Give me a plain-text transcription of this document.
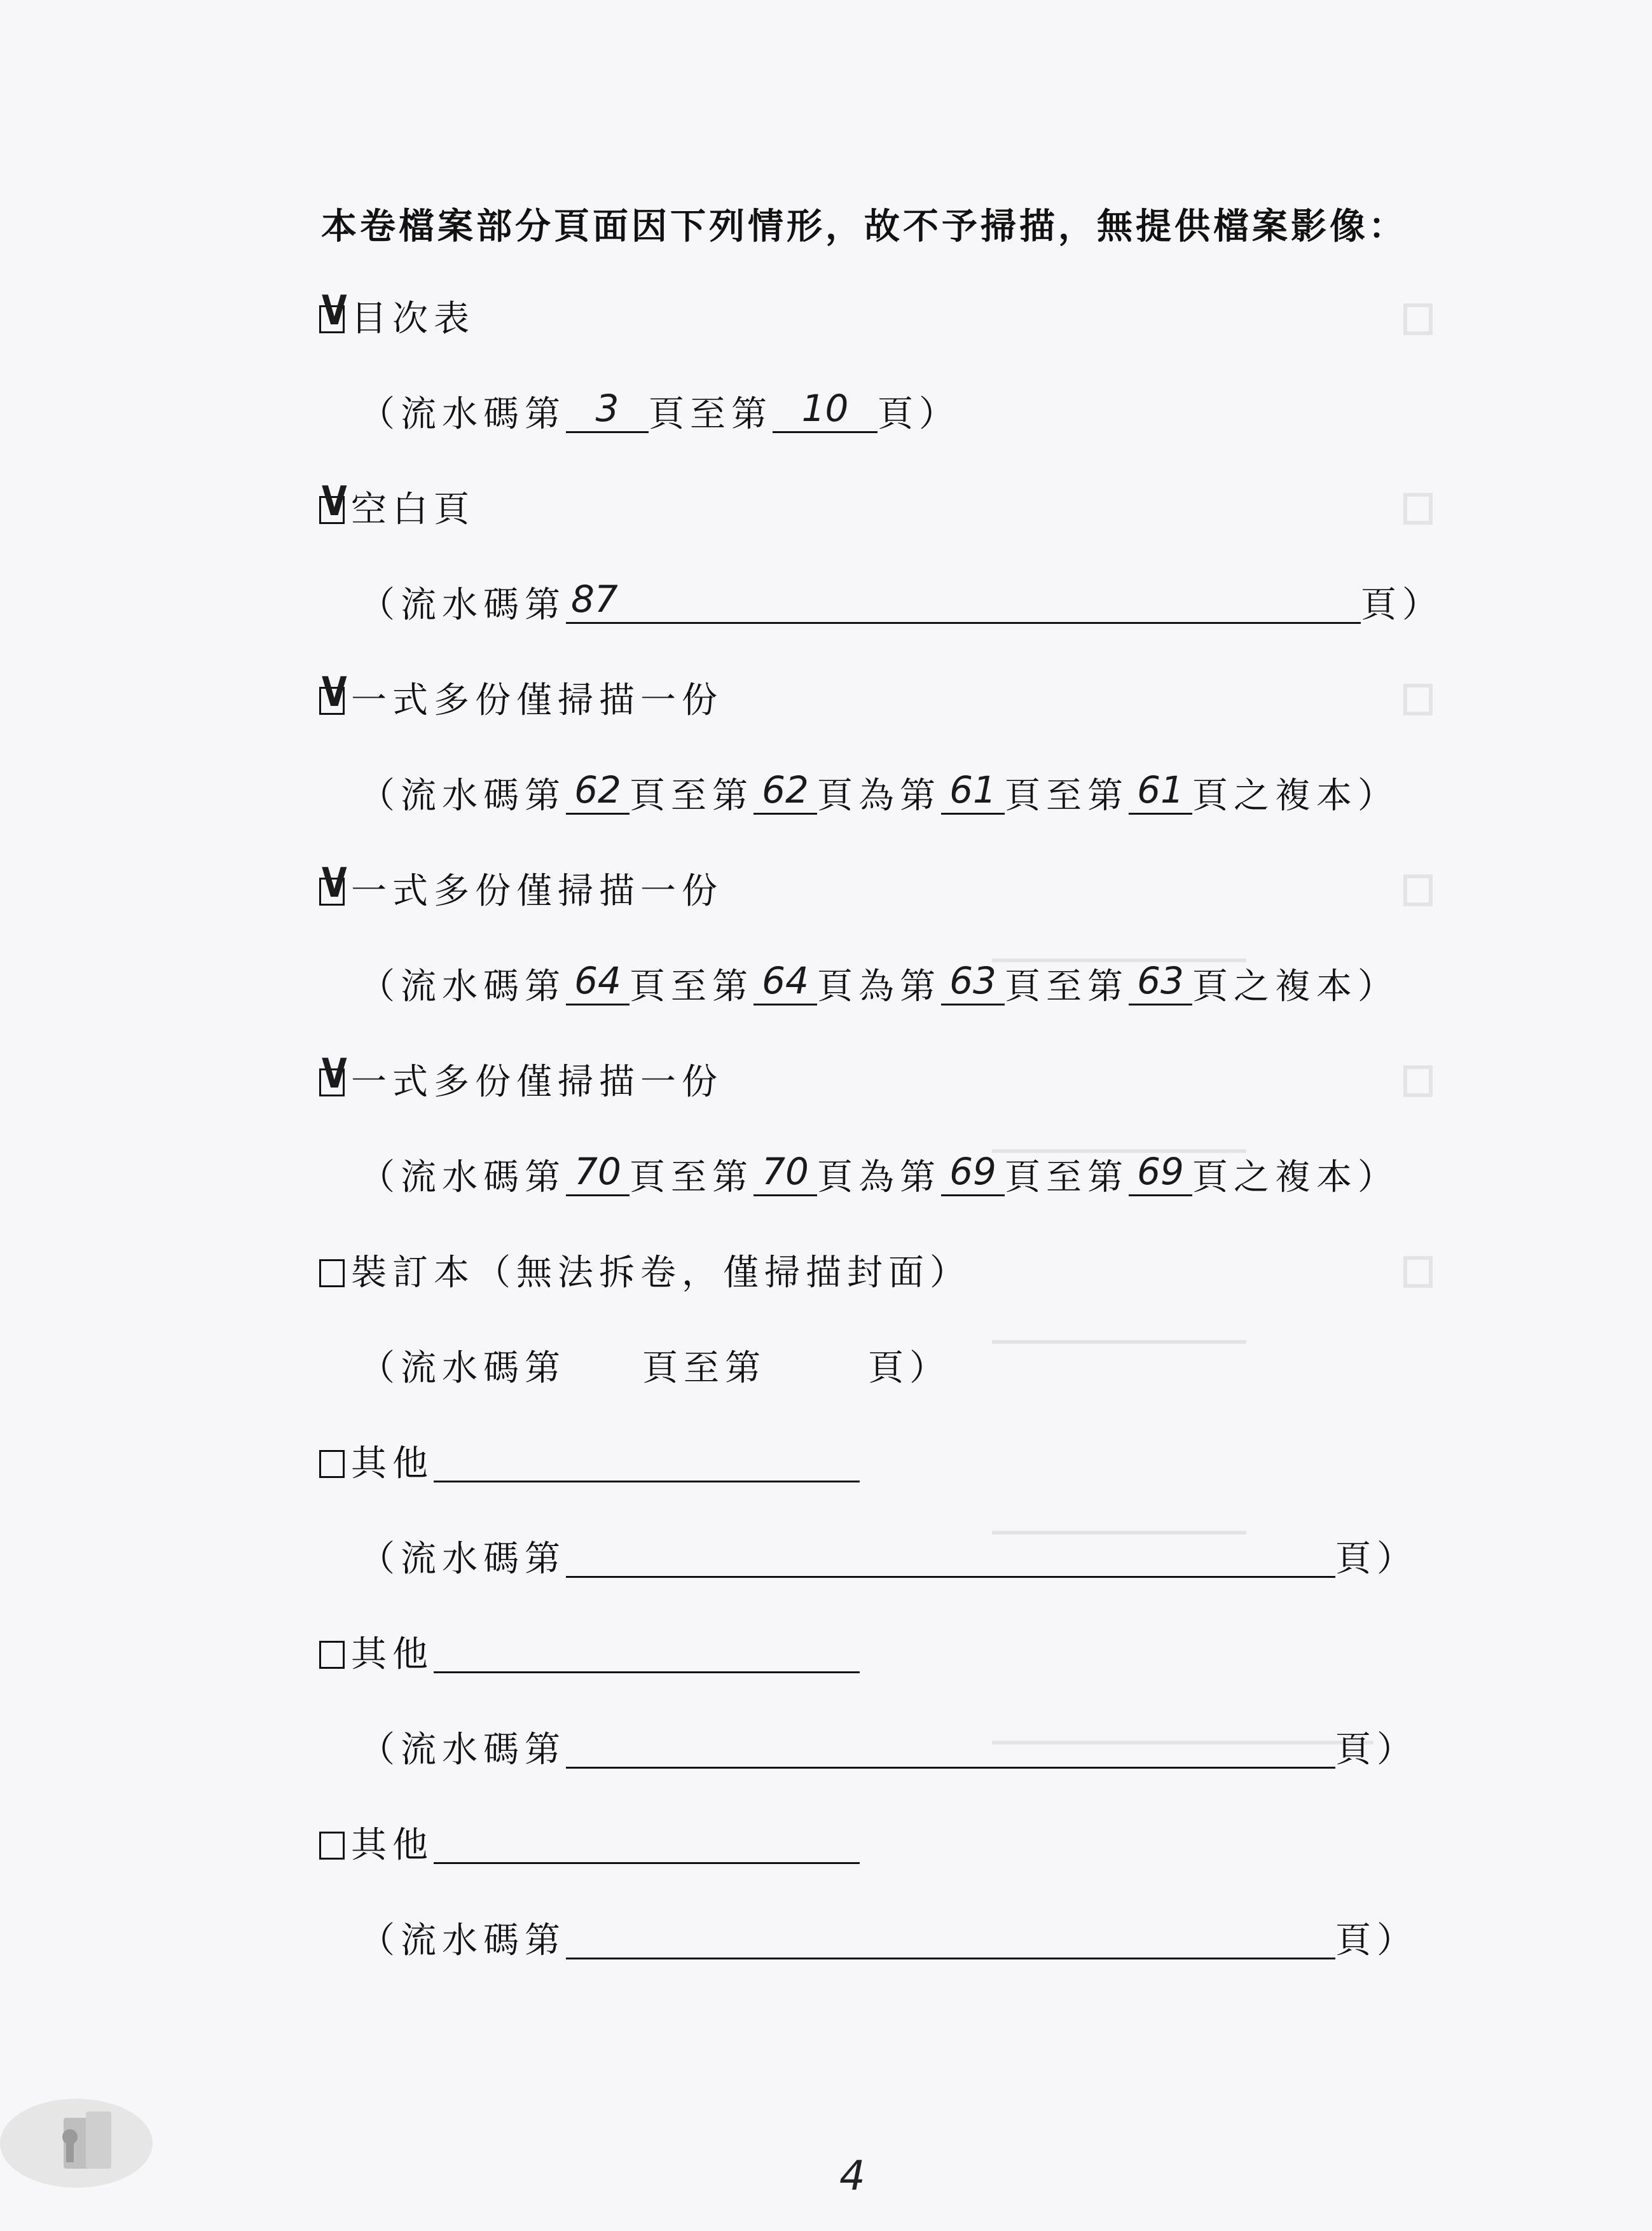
本卷檔案部分頁面因下列情形，故不予掃描，無提供檔案影像：
V 目次表
（流水碼第 3 頁至第 10 頁）
V 空白頁
（流水碼第 87	頁）
V 一式多份僅掃描一份
（流水碼第 62 頁至第 62 頁為第 61 頁至第 61 頁之複本）
V 一式多份僅掃描一份
（流水碼第 64 頁至第 64 頁為第 63 頁至第 63 頁之複本）
V 一式多份僅掃描一份
（流水碼第 70 頁至第 70 頁為第 69 頁至第 69 頁之複本）
裝訂本（無法拆卷，僅掃描封面）
（流水碼第 頁至第	頁）
其他
（流水碼第	頁）
其他
（流水碼第	頁）
其他
（流水碼第	頁）
4
